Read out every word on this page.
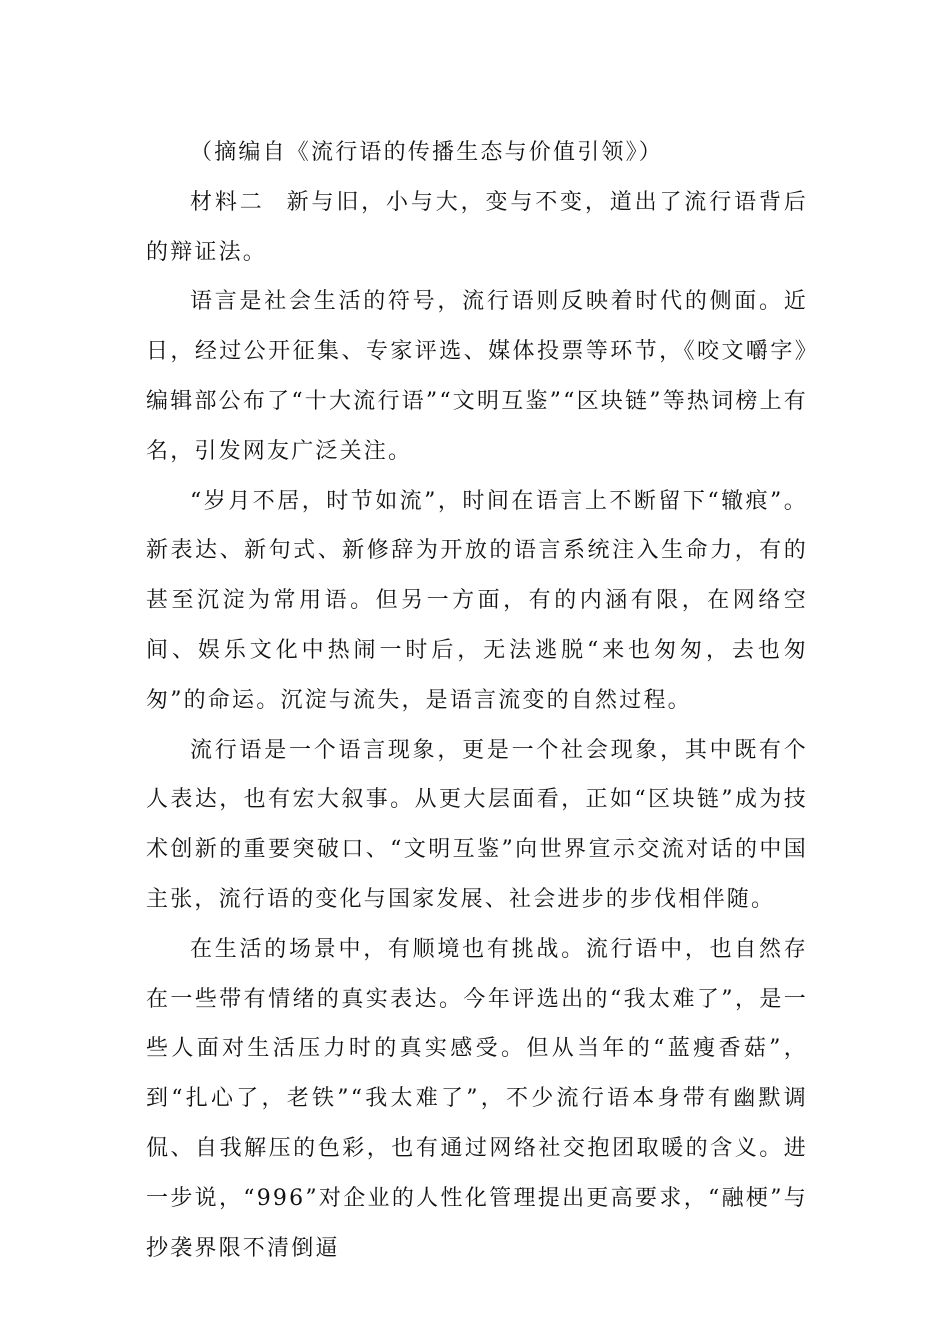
（摘编自《流行语的传播生态与价值引领》）

材料二 新与旧，小与大，变与不变，道出了流行语背后的辩证法。

语言是社会生活的符号，流行语则反映着时代的侧面。近日，经过公开征集、专家评选、媒体投票等环节，《咬文嚼字》编辑部公布了“十大流行语”“文明互鉴”“区块链”等热词榜上有名，引发网友广泛关注。

“岁月不居，时节如流”，时间在语言上不断留下“辙痕”。新表达、新句式、新修辞为开放的语言系统注入生命力，有的甚至沉淀为常用语。但另一方面，有的内涵有限，在网络空间、娱乐文化中热闹一时后，无法逃脱“来也匆匆，去也匆匆”的命运。沉淀与流失，是语言流变的自然过程。

流行语是一个语言现象，更是一个社会现象，其中既有个人表达，也有宏大叙事。从更大层面看，正如“区块链”成为技术创新的重要突破口、“文明互鉴”向世界宣示交流对话的中国主张，流行语的变化与国家发展、社会进步的步伐相伴随。

在生活的场景中，有顺境也有挑战。流行语中，也自然存在一些带有情绪的真实表达。今年评选出的“我太难了”，是一些人面对生活压力时的真实感受。但从当年的“蓝瘦香菇”，到“扎心了，老铁”“我太难了”，不少流行语本身带有幽默调侃、自我解压的色彩，也有通过网络社交抱团取暖的含义。进一步说，“996”对企业的人性化管理提出更高要求，“融梗”与抄袭界限不清倒逼
